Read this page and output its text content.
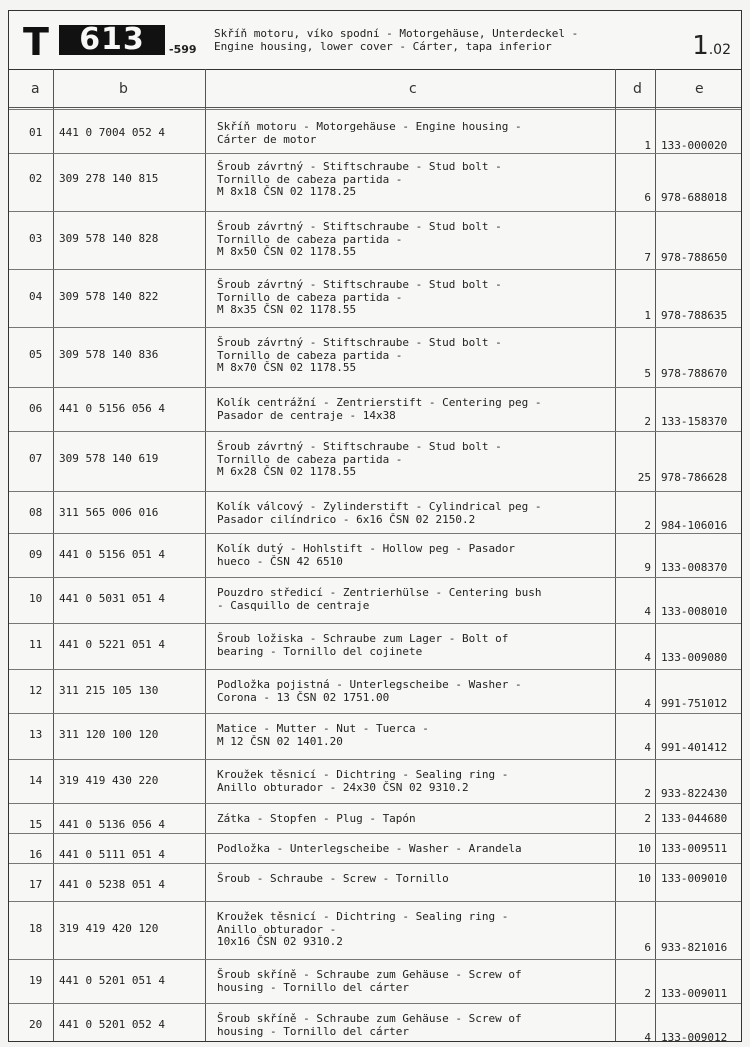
T	613	-599
Skříň motoru, víko spodní - Motorgehäuse, Unterdeckel -
Engine housing, lower cover - Cárter, tapa inferior	1.02
a	b	c	d	e
01 441 0 7004 052 4	Skříň motoru - Motorgehäuse - Engine housing -
Cárter de motor	1 133-000020
02 309 278 140 815
Šroub závrtný - Stiftschraube - Stud bolt -
Tornillo de cabeza partida -
M 8x18 ČSN 02 1178.25	6 978-688018
03 309 578 140 828
Šroub závrtný - Stiftschraube - Stud bolt -
Tornillo de cabeza partida -
M 8x50 ČSN 02 1178.55	7 978-788650
04 309 578 140 822
Šroub závrtný - Stiftschraube - Stud bolt -
Tornillo de cabeza partida -
M 8x35 ČSN 02 1178.55	1 978-788635
05 309 578 140 836
Šroub závrtný - Stiftschraube - Stud bolt -
Tornillo de cabeza partida -
M 8x70 ČSN 02 1178.55	5 978-788670
06 441 0 5156 056 4	Kolík centrážní - Zentrierstift - Centering peg -
Pasador de centraje - 14x38	2 133-158370
07 309 578 140 619
Šroub závrtný - Stiftschraube - Stud bolt -
Tornillo de cabeza partida -
M 6x28 ČSN 02 1178.55	25 978-786628
08 311 565 006 016	Kolík válcový - Zylinderstift - Cylindrical peg -
Pasador cilíndrico - 6x16 ČSN 02 2150.2	2 984-106016
09 441 0 5156 051 4	Kolík dutý - Hohlstift - Hollow peg - Pasador
hueco - ČSN 42 6510	9 133-008370
10 441 0 5031 051 4	Pouzdro středicí - Zentrierhülse - Centering bush
- Casquillo de centraje	4 133-008010
11 441 0 5221 051 4	Šroub ložiska - Schraube zum Lager - Bolt of
bearing - Tornillo del cojinete	4 133-009080
12 311 215 105 130	Podložka pojistná - Unterlegscheibe - Washer -
Corona - 13 ČSN 02 1751.00	4 991-751012
13 311 120 100 120	Matice - Mutter - Nut - Tuerca -
M 12 ČSN 02 1401.20	4 991-401412
14 319 419 430 220	Kroužek těsnicí - Dichtring - Sealing ring -
Anillo obturador - 24x30 ČSN 02 9310.2	2 933-822430
15 441 0 5136 056 4	Zátka - Stopfen - Plug - Tapón	2 133-044680
16 441 0 5111 051 4	Podložka - Unterlegscheibe - Washer - Arandela	10 133-009511
17 441 0 5238 051 4	Šroub - Schraube - Screw - Tornillo	10 133-009010
18 319 419 420 120
Kroužek těsnicí - Dichtring - Sealing ring -
Anillo obturador -
10x16 ČSN 02 9310.2	6 933-821016
19 441 0 5201 051 4	Šroub skříně - Schraube zum Gehäuse - Screw of
housing - Tornillo del cárter	2 133-009011
20 441 0 5201 052 4	Šroub skříně - Schraube zum Gehäuse - Screw of
housing - Tornillo del cárter	4 133-009012
